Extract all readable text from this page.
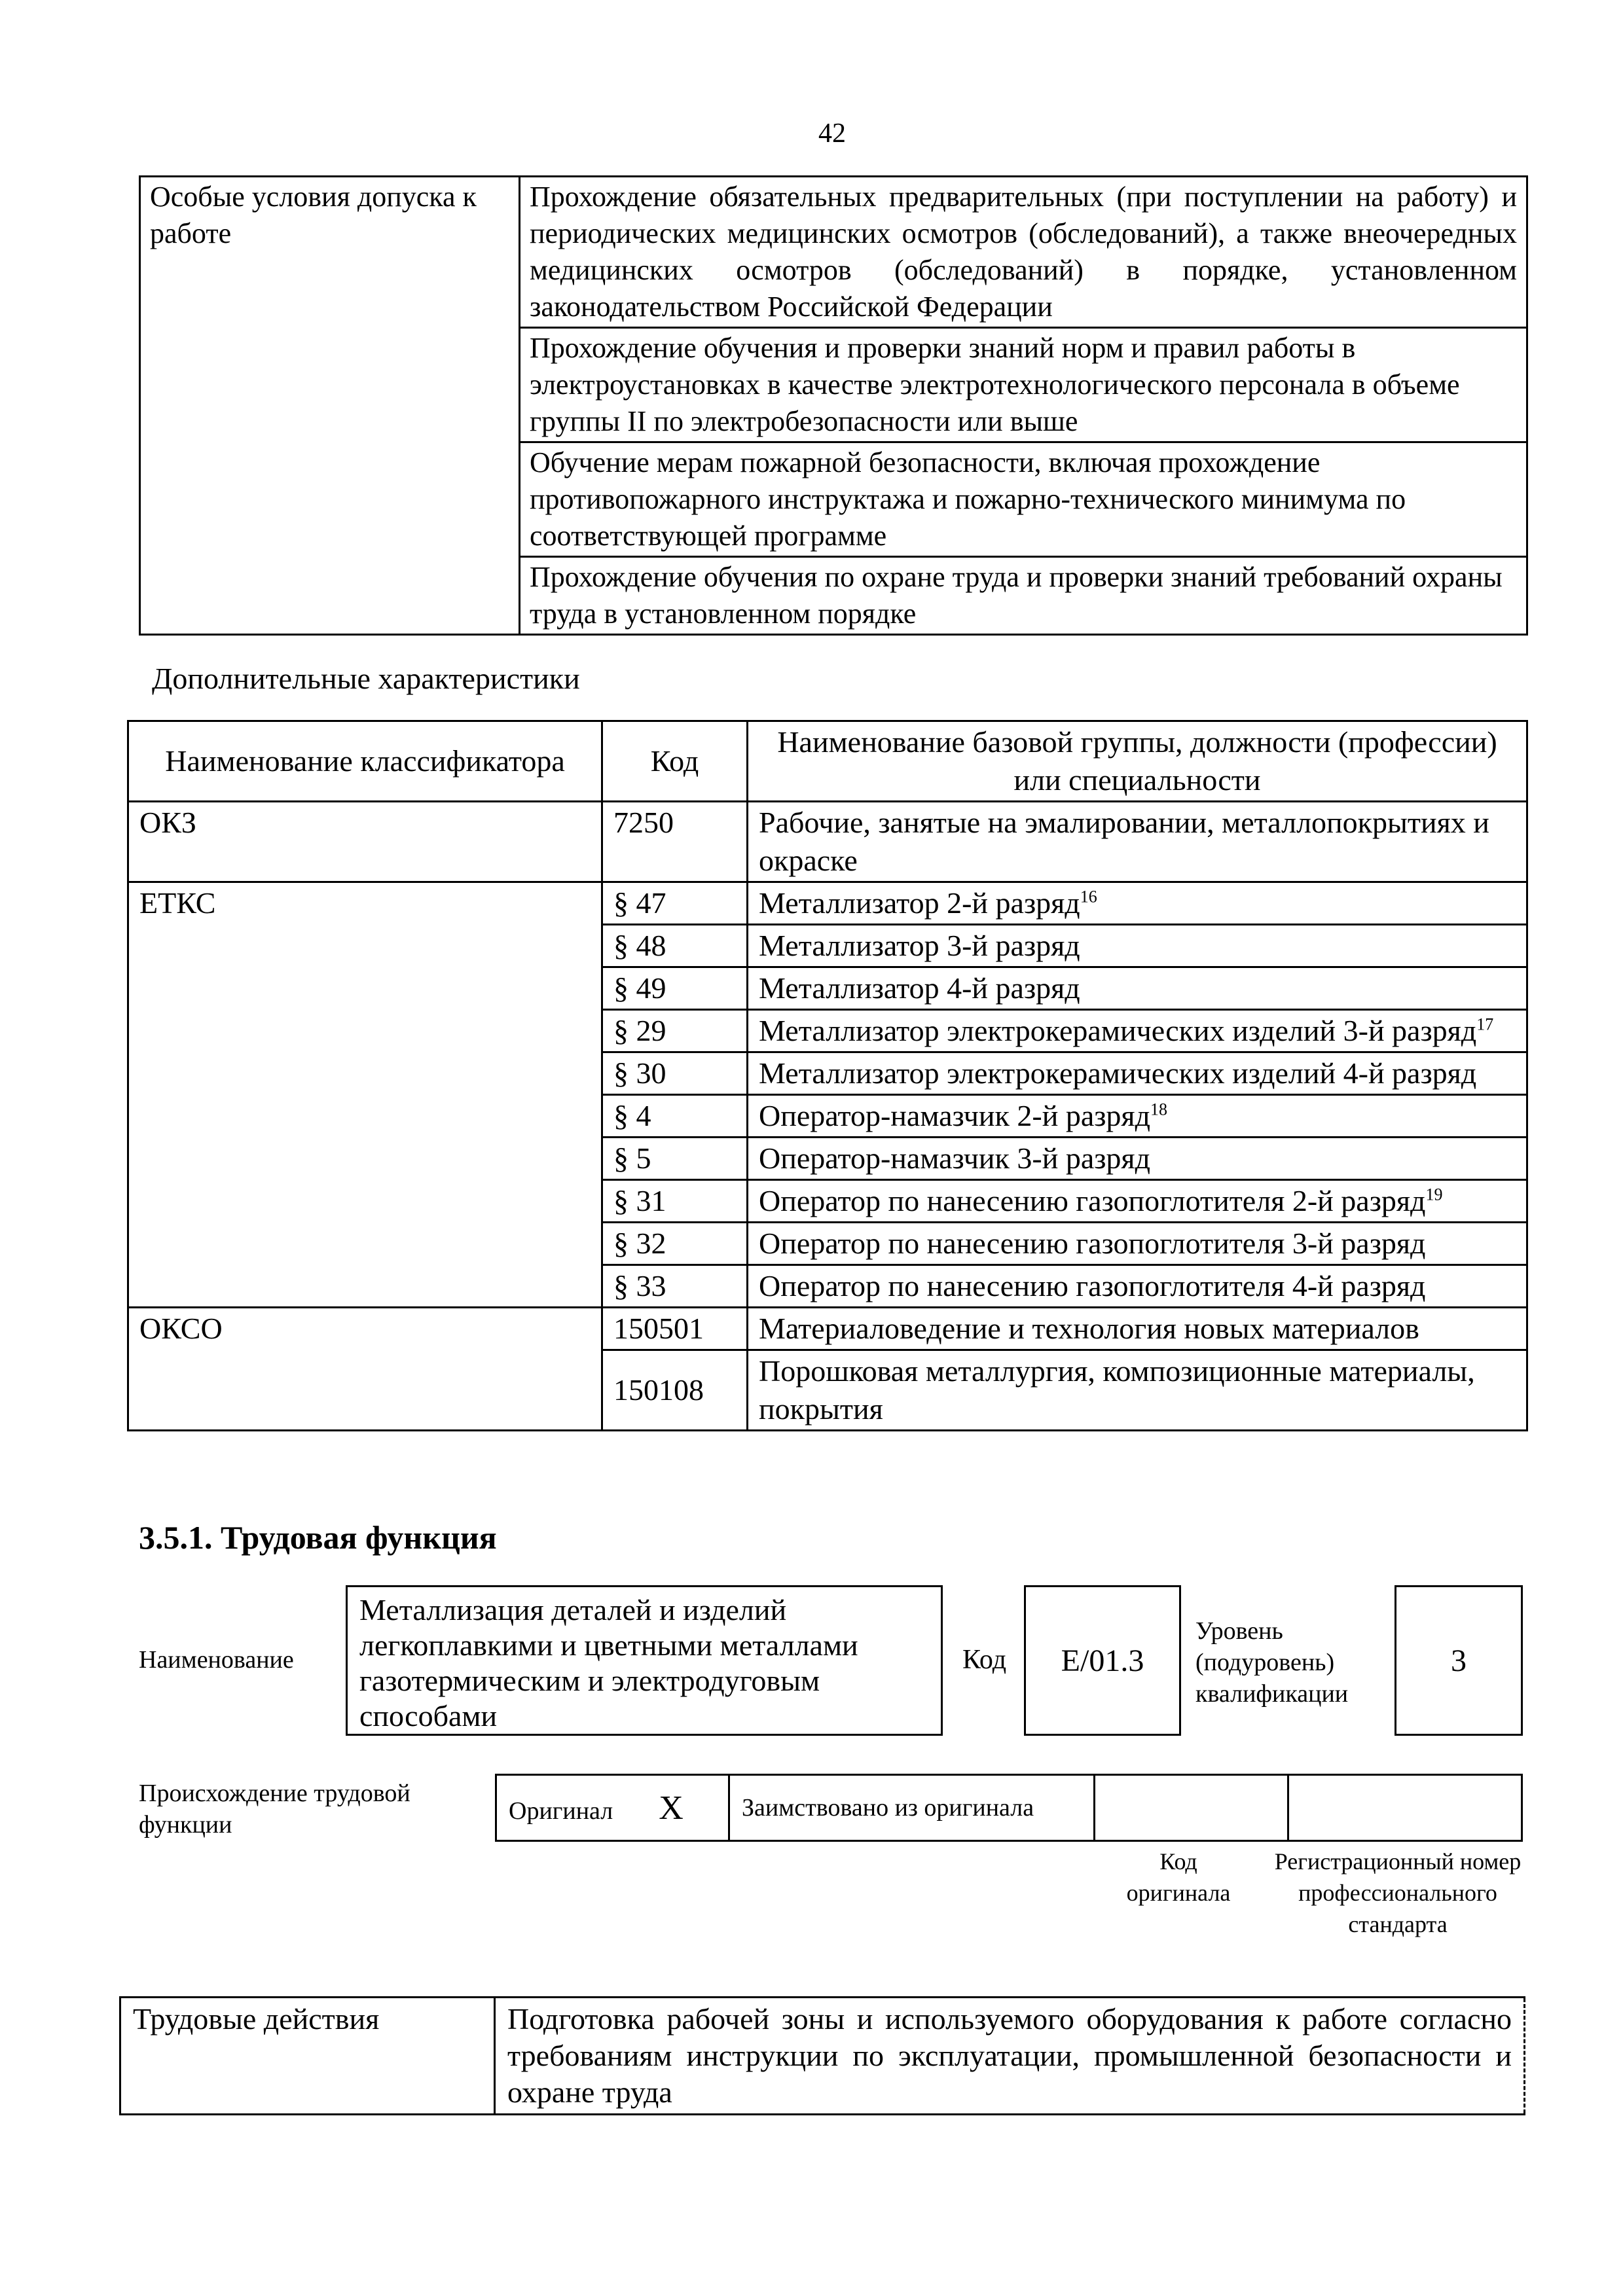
42
Особые условия допуска к работе	Прохождение обязательных предварительных (при поступлении на работу) и периодических медицинских осмотров (обследований), а также внеочередных медицинских осмотров (обследований) в порядке, установленном законодательством Российской Федерации
Прохождение обучения и проверки знаний норм и правил работы в электроустановках в качестве электротехнологического персонала в объеме группы II по электробезопасности или выше
Обучение мерам пожарной безопасности, включая прохождение противопожарного инструктажа и пожарно-технического минимума по соответствующей программе
Прохождение обучения по охране труда и проверки знаний требований охраны труда в установленном порядке
Дополнительные характеристики
Наименование классификатора	Код	Наименование базовой группы, должности (профессии) или специальности
ОКЗ	7250	Рабочие, занятые на эмалировании, металлопокрытиях и окраске
ЕТКС	§ 47	Металлизатор 2-й разряд$^{16}$
	§ 48	Металлизатор 3-й разряд
	§ 49	Металлизатор 4-й разряд
	§ 29	Металлизатор электрокерамических изделий 3-й разряд$^{17}$
	§ 30	Металлизатор электрокерамических изделий 4-й разряд
	§ 4	Оператор-намазчик 2-й разряд$^{18}$
	§ 5	Оператор-намазчик 3-й разряд
	§ 31	Оператор по нанесению газопоглотителя 2-й разряд$^{19}$
	§ 32	Оператор по нанесению газопоглотителя 3-й разряд
	§ 33	Оператор по нанесению газопоглотителя 4-й разряд
ОКСО	150501	Материаловедение и технология новых материалов
	150108	Порошковая металлургия, композиционные материалы, покрытия
3.5.1. Трудовая функция
Наименование
Металлизация деталей и изделий легкоплавкими и цветными металлами газотермическим и электродуговым способами
Код	E/01.3
Уровень (подуровень) квалификации
3
Происхождение трудовой функции
Оригинал X	Заимствовано из оригинала		
Код оригинала
Регистрационный номер профессионального стандарта
Трудовые действия	Подготовка рабочей зоны и используемого оборудования к работе согласно требованиям инструкции по эксплуатации, промышленной безопасности и охране труда
